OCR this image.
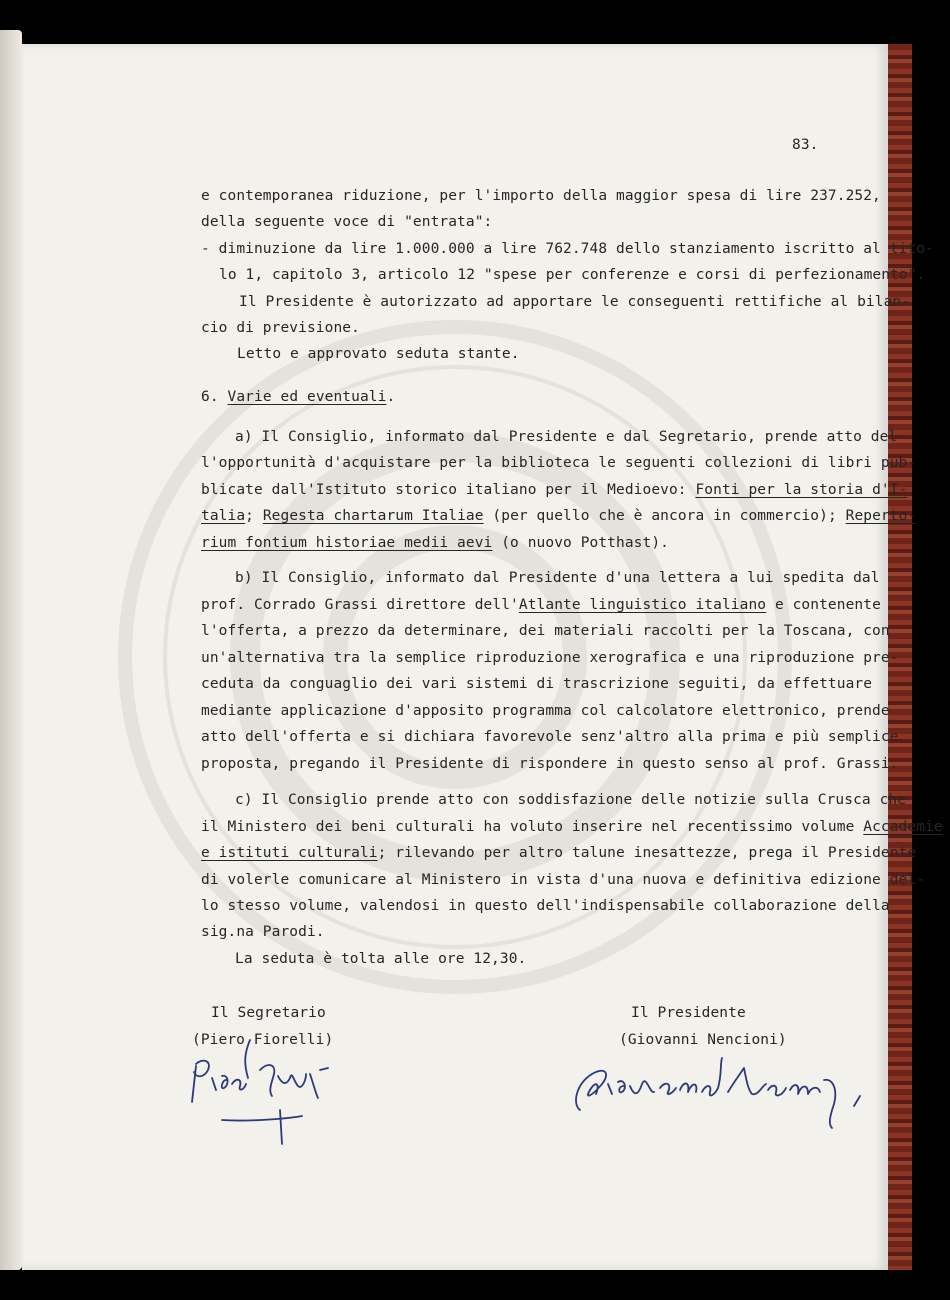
83.
e contemporanea riduzione, per l'importo della maggior spesa di lire 237.252,
della seguente voce di "entrata":
- diminuzione da lire 1.000.000 a lire 762.748 dello stanziamento iscritto al tito-
lo 1, capitolo 3, articolo 12 "spese per conferenze e corsi di perfezionamento".
Il Presidente è autorizzato ad apportare le conseguenti rettifiche al bilan-
cio di previsione.
Letto e approvato seduta stante.
6. Varie ed eventuali.
a) Il Consiglio, informato dal Presidente e dal Segretario, prende atto del-
l'opportunità d'acquistare per la biblioteca le seguenti collezioni di libri pub-
blicate dall'Istituto storico italiano per il Medioevo: Fonti per la storia d'I-
talia; Regesta chartarum Italiae (per quello che è ancora in commercio); Reperto-
rium fontium historiae medii aevi (o nuovo Potthast).
b) Il Consiglio, informato dal Presidente d'una lettera a lui spedita dal
prof. Corrado Grassi direttore dell'Atlante linguistico italiano e contenente
l'offerta, a prezzo da determinare, dei materiali raccolti per la Toscana, con
un'alternativa tra la semplice riproduzione xerografica e una riproduzione pre-
ceduta da conguaglio dei vari sistemi di trascrizione seguiti, da effettuare
mediante applicazione d'apposito programma col calcolatore elettronico, prende
atto dell'offerta e si dichiara favorevole senz'altro alla prima e più semplice
proposta, pregando il Presidente di rispondere in questo senso al prof. Grassi.
c) Il Consiglio prende atto con soddisfazione delle notizie sulla Crusca che
il Ministero dei beni culturali ha voluto inserire nel recentissimo volume Accademie
e istituti culturali; rilevando per altro talune inesattezze, prega il Presidente
di volerle comunicare al Ministero in vista d'una nuova e definitiva edizione del-
lo stesso volume, valendosi in questo dell'indispensabile collaborazione della
sig.na Parodi.
La seduta è tolta alle ore 12,30.
Il Segretario
(Piero Fiorelli)
Il Presidente
(Giovanni Nencioni)
